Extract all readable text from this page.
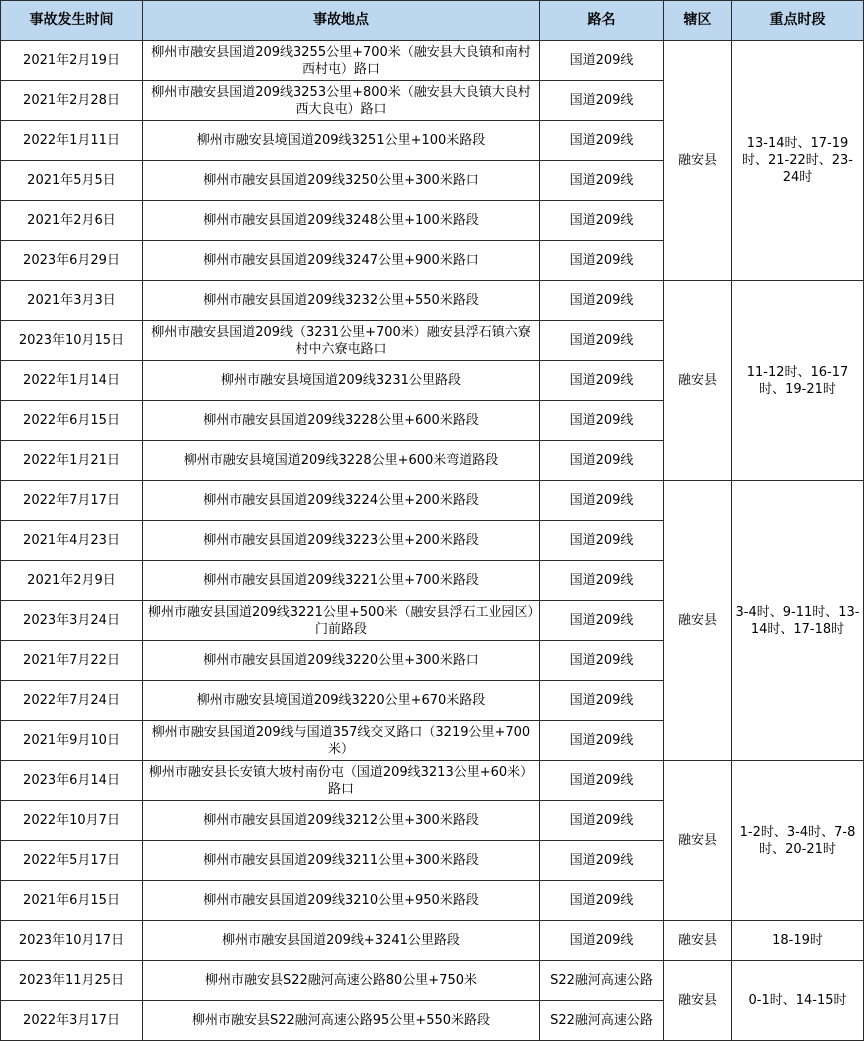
事故发生时间	事故地点	路名	辖区	重点时段
2021年2月19日	柳州市融安县国道209线3255公里+700米（融安县大良镇和南村西村屯）路口	国道209线	融安县	13-14时、17-19时、21-22时、23-24时
2021年2月28日	柳州市融安县国道209线3253公里+800米（融安县大良镇大良村西大良屯）路口	国道209线		
2022年1月11日	柳州市融安县境国道209线3251公里+100米路段	国道209线		
2021年5月5日	柳州市融安县国道209线3250公里+300米路口	国道209线		
2021年2月6日	柳州市融安县国道209线3248公里+100米路段	国道209线		
2023年6月29日	柳州市融安县国道209线3247公里+900米路口	国道209线		
2021年3月3日	柳州市融安县国道209线3232公里+550米路段	国道209线	融安县	11-12时、16-17时、19-21时
2023年10月15日	柳州市融安县国道209线（3231公里+700米）融安县浮石镇六寮村中六寮屯路口	国道209线		
2022年1月14日	柳州市融安县境国道209线3231公里路段	国道209线		
2022年6月15日	柳州市融安县国道209线3228公里+600米路段	国道209线		
2022年1月21日	柳州市融安县境国道209线3228公里+600米弯道路段	国道209线		
2022年7月17日	柳州市融安县国道209线3224公里+200米路段	国道209线	融安县	3-4时、9-11时、13-14时、17-18时
2021年4月23日	柳州市融安县国道209线3223公里+200米路段	国道209线		
2021年2月9日	柳州市融安县国道209线3221公里+700米路段	国道209线		
2023年3月24日	柳州市融安县国道209线3221公里+500米（融安县浮石工业园区）门前路段	国道209线		
2021年7月22日	柳州市融安县国道209线3220公里+300米路口	国道209线		
2022年7月24日	柳州市融安县境国道209线3220公里+670米路段	国道209线		
2021年9月10日	柳州市融安县国道209线与国道357线交叉路口（3219公里+700米）	国道209线		
2023年6月14日	柳州市融安县长安镇大坡村南份屯（国道209线3213公里+60米）路口	国道209线	融安县	1-2时、3-4时、7-8时、20-21时
2022年10月7日	柳州市融安县国道209线3212公里+300米路段	国道209线		
2022年5月17日	柳州市融安县国道209线3211公里+300米路段	国道209线		
2021年6月15日	柳州市融安县国道209线3210公里+950米路段	国道209线		
2023年10月17日	柳州市融安县国道209线+3241公里路段	国道209线	融安县	18-19时
2023年11月25日	柳州市融安县S22融河高速公路80公里+750米	S22融河高速公路	融安县	0-1时、14-15时
2022年3月17日	柳州市融安县S22融河高速公路95公里+550米路段	S22融河高速公路		
